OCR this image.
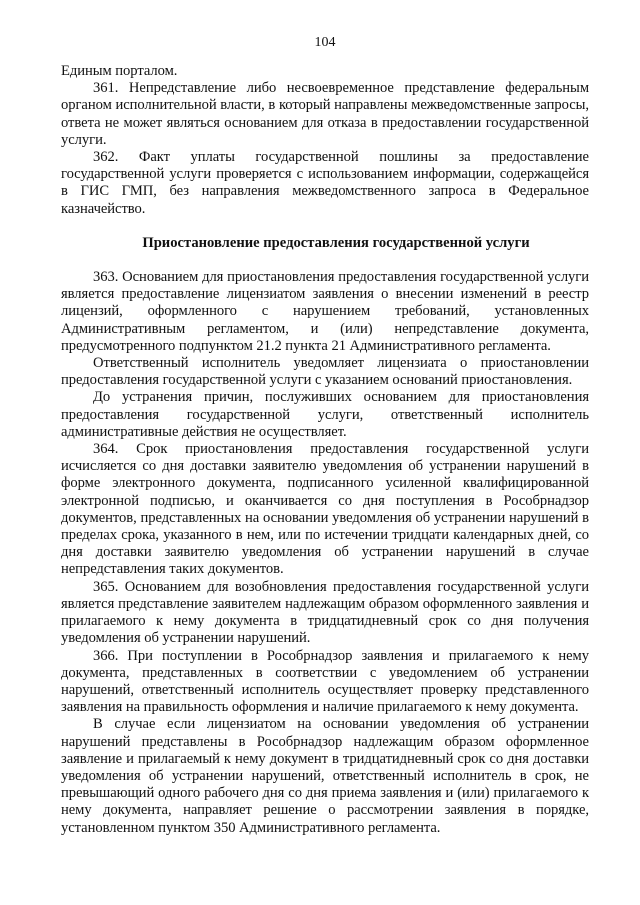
104

Единым порталом.

361. Непредставление либо несвоевременное представление федеральным органом исполнительной власти, в который направлены межведомственные запросы, ответа не может являться основанием для отказа в предоставлении государственной услуги.

362. Факт уплаты государственной пошлины за предоставление государственной услуги проверяется с использованием информации, содержащейся в ГИС ГМП, без направления межведомственного запроса в Федеральное казначейство.

Приостановление предоставления государственной услуги

363. Основанием для приостановления предоставления государственной услуги является предоставление лицензиатом заявления о внесении изменений в реестр лицензий, оформленного с нарушением требований, установленных Административным регламентом, и (или) непредставление документа, предусмотренного подпунктом 21.2 пункта 21 Административного регламента.

Ответственный исполнитель уведомляет лицензиата о приостановлении предоставления государственной услуги с указанием оснований приостановления.

До устранения причин, послуживших основанием для приостановления предоставления государственной услуги, ответственный исполнитель административные действия не осуществляет.

364. Срок приостановления предоставления государственной услуги исчисляется со дня доставки заявителю уведомления об устранении нарушений в форме электронного документа, подписанного усиленной квалифицированной электронной подписью, и оканчивается со дня поступления в Рособрнадзор документов, представленных на основании уведомления об устранении нарушений в пределах срока, указанного в нем, или по истечении тридцати календарных дней, со дня доставки заявителю уведомления об устранении нарушений в случае непредставления таких документов.

365. Основанием для возобновления предоставления государственной услуги является представление заявителем надлежащим образом оформленного заявления и прилагаемого к нему документа в тридцатидневный срок со дня получения уведомления об устранении нарушений.

366. При поступлении в Рособрнадзор заявления и прилагаемого к нему документа, представленных в соответствии с уведомлением об устранении нарушений, ответственный исполнитель осуществляет проверку представленного заявления на правильность оформления и наличие прилагаемого к нему документа.

В случае если лицензиатом на основании уведомления об устранении нарушений представлены в Рособрнадзор надлежащим образом оформленное заявление и прилагаемый к нему документ в тридцатидневный срок со дня доставки уведомления об устранении нарушений, ответственный исполнитель в срок, не превышающий одного рабочего дня со дня приема заявления и (или) прилагаемого к нему документа, направляет решение о рассмотрении заявления в порядке, установленном пунктом 350 Административного регламента.
